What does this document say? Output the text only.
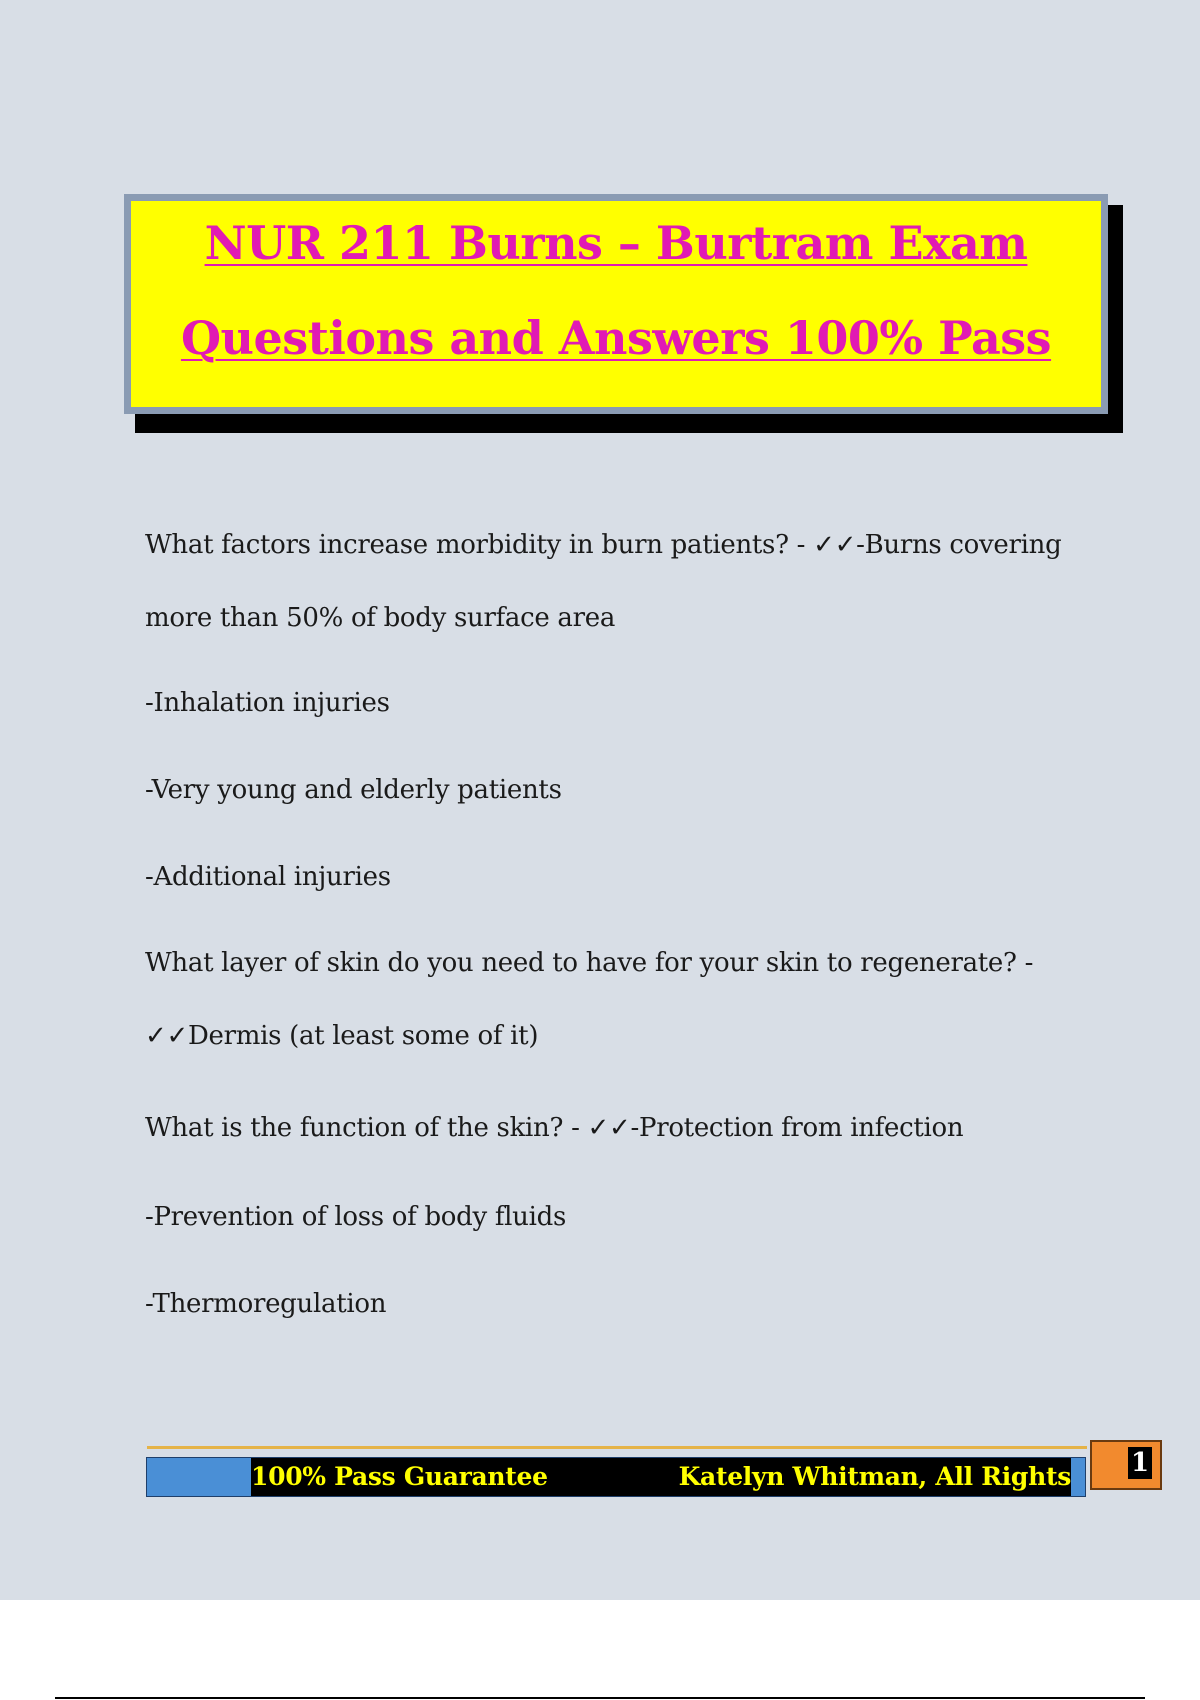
NUR 211 Burns – Burtram Exam
Questions and Answers 100% Pass
What factors increase morbidity in burn patients? - ✓✓-Burns covering
more than 50% of body surface area
-Inhalation injuries
-Very young and elderly patients
-Additional injuries
What layer of skin do you need to have for your skin to regenerate? -
✓✓Dermis (at least some of it)
What is the function of the skin? - ✓✓-Protection from infection
-Prevention of loss of body fluids
-Thermoregulation
100% Pass Guarantee	Katelyn Whitman, All Rights 1
